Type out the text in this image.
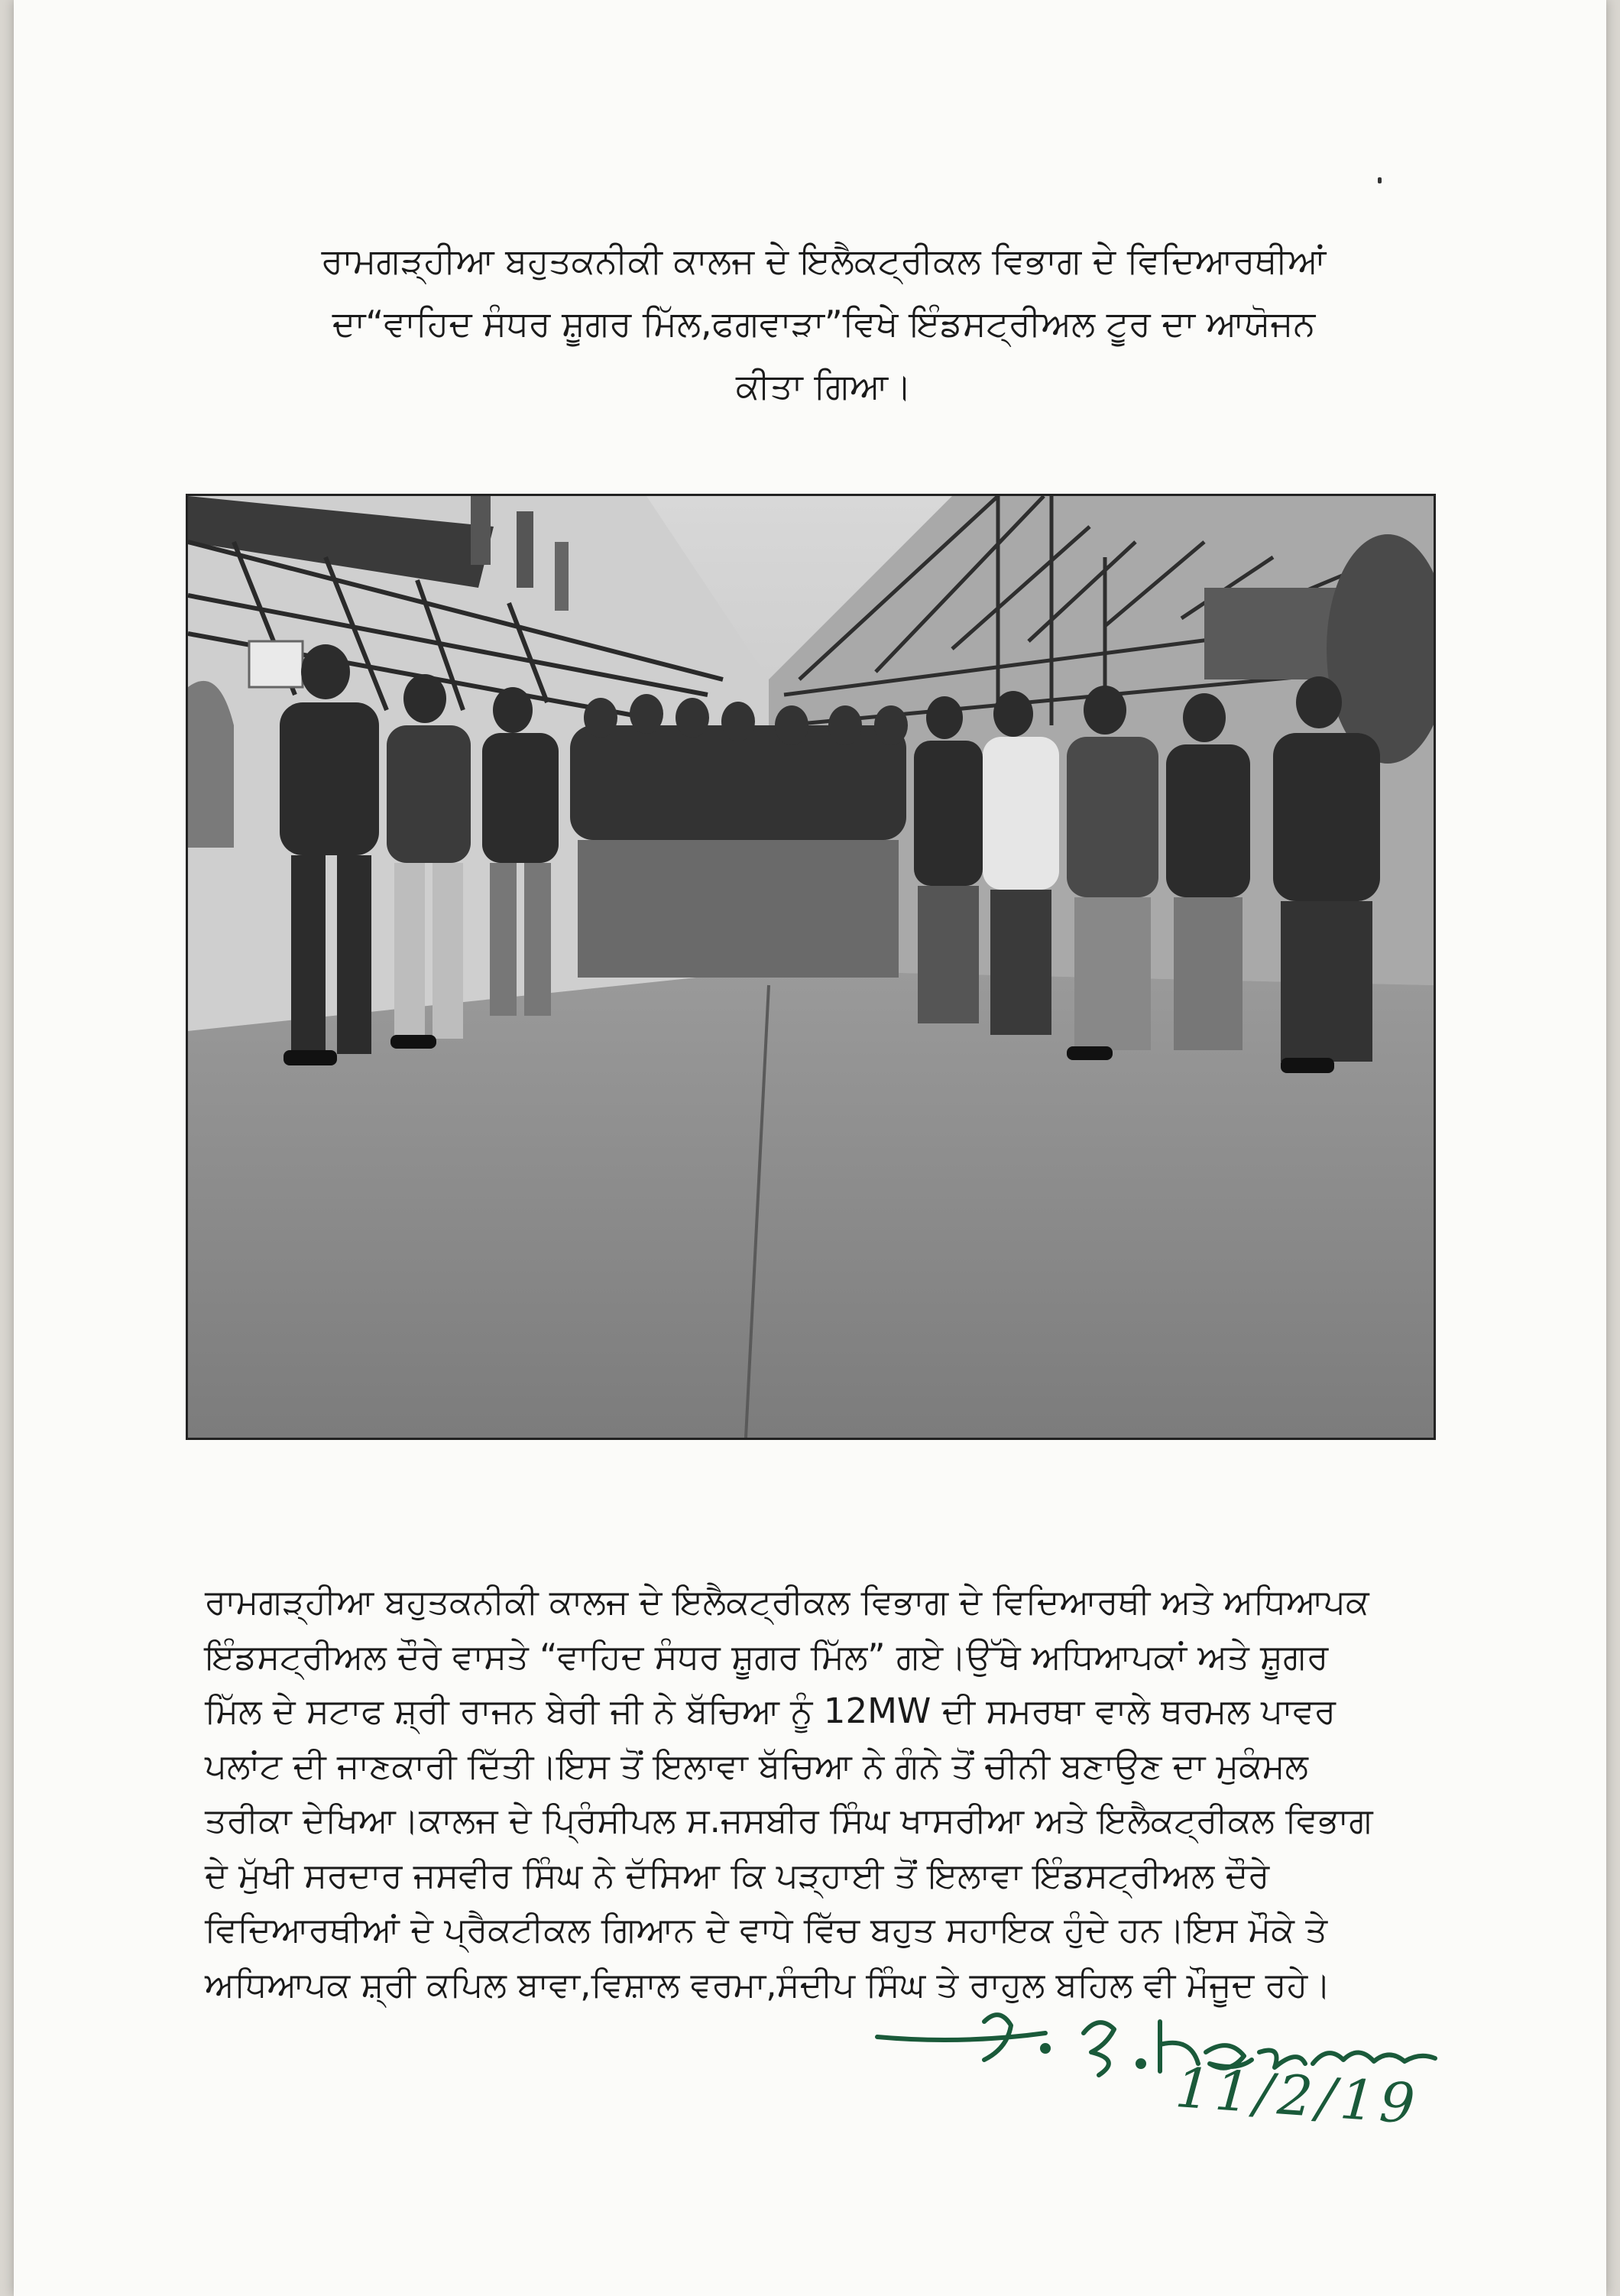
ਰਾਮਗੜ੍ਹੀਆ ਬਹੁਤਕਨੀਕੀ ਕਾਲਜ ਦੇ ਇਲੈਕਟ੍ਰੀਕਲ ਵਿਭਾਗ ਦੇ ਵਿਦਿਆਰਥੀਆਂ
ਦਾ“ਵਾਹਿਦ ਸੰਧਰ ਸ਼ੂਗਰ ਮਿੱਲ,ਫਗਵਾੜਾ”ਵਿਖੇ ਇੰਡਸਟ੍ਰੀਅਲ ਟੂਰ ਦਾ ਆਯੋਜਨ
ਕੀਤਾ ਗਿਆ।
ਰਾਮਗੜ੍ਹੀਆ ਬਹੁਤਕਨੀਕੀ ਕਾਲਜ ਦੇ ਇਲੈਕਟ੍ਰੀਕਲ ਵਿਭਾਗ ਦੇ ਵਿਦਿਆਰਥੀ ਅਤੇ ਅਧਿਆਪਕ
ਇੰਡਸਟ੍ਰੀਅਲ ਦੌਰੇ ਵਾਸਤੇ “ਵਾਹਿਦ ਸੰਧਰ ਸ਼ੂਗਰ ਮਿੱਲ” ਗਏ।ਉੱਥੇ ਅਧਿਆਪਕਾਂ ਅਤੇ ਸ਼ੂਗਰ
ਮਿੱਲ ਦੇ ਸਟਾਫ ਸ਼੍ਰੀ ਰਾਜਨ ਬੇਰੀ ਜੀ ਨੇ ਬੱਚਿਆ ਨੂੰ 12MW ਦੀ ਸਮਰਥਾ ਵਾਲੇ ਥਰਮਲ ਪਾਵਰ
ਪਲਾਂਟ ਦੀ ਜਾਣਕਾਰੀ ਦਿੱਤੀ।ਇਸ ਤੋਂ ਇਲਾਵਾ ਬੱਚਿਆ ਨੇ ਗੰਨੇ ਤੋਂ ਚੀਨੀ ਬਣਾਉਣ ਦਾ ਮੁਕੰਮਲ
ਤਰੀਕਾ ਦੇਖਿਆ।ਕਾਲਜ ਦੇ ਪ੍ਰਿੰਸੀਪਲ ਸ.ਜਸਬੀਰ ਸਿੰਘ ਖਾਸਰੀਆ ਅਤੇ ਇਲੈਕਟ੍ਰੀਕਲ ਵਿਭਾਗ
ਦੇ ਮੁੱਖੀ ਸਰਦਾਰ ਜਸਵੀਰ ਸਿੰਘ ਨੇ ਦੱਸਿਆ ਕਿ ਪੜ੍ਹਾਈ ਤੋਂ ਇਲਾਵਾ ਇੰਡਸਟ੍ਰੀਅਲ ਦੌਰੇ
ਵਿਦਿਆਰਥੀਆਂ ਦੇ ਪ੍ਰੈਕਟੀਕਲ ਗਿਆਨ ਦੇ ਵਾਧੇ ਵਿੱਚ ਬਹੁਤ ਸਹਾਇਕ ਹੁੰਦੇ ਹਨ।ਇਸ ਮੌਕੇ ਤੇ
ਅਧਿਆਪਕ ਸ਼੍ਰੀ ਕਪਿਲ ਬਾਵਾ,ਵਿਸ਼ਾਲ ਵਰਮਾ,ਸੰਦੀਪ ਸਿੰਘ ਤੇ ਰਾਹੁਲ ਬਹਿਲ ਵੀ ਮੌਜੂਦ ਰਹੇ।
11/2/19
